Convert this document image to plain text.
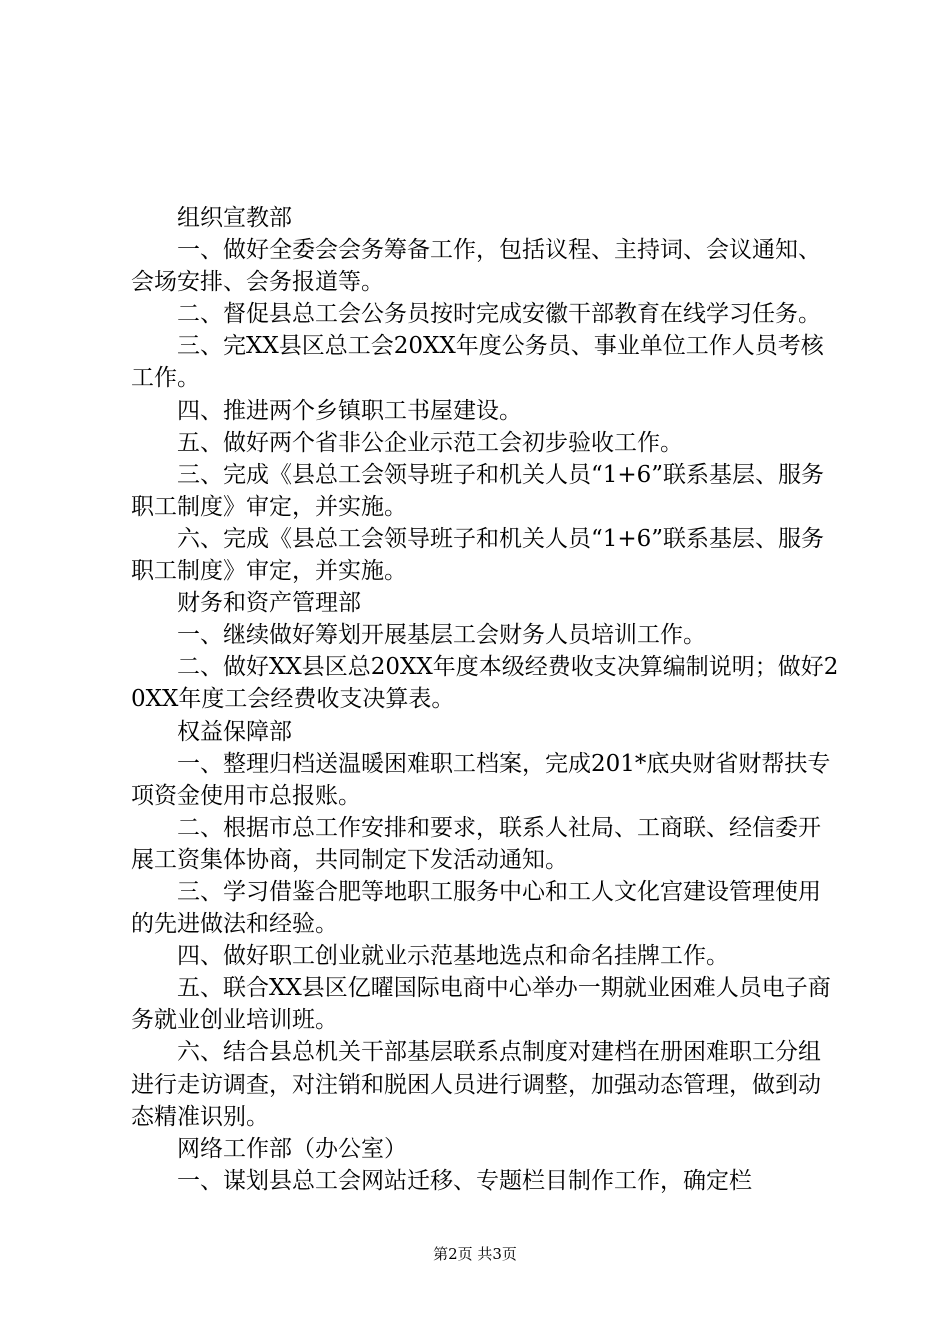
组织宣教部

一、做好全委会会务筹备工作，包括议程、主持词、会议通知、会场安排、会务报道等。

二、督促县总工会公务员按时完成安徽干部教育在线学习任务。

三、完XX县区总工会20XX年度公务员、事业单位工作人员考核工作。

四、推进两个乡镇职工书屋建设。

五、做好两个省非公企业示范工会初步验收工作。

三、完成《县总工会领导班子和机关人员“1+6”联系基层、服务职工制度》审定，并实施。

六、完成《县总工会领导班子和机关人员“1+6”联系基层、服务职工制度》审定，并实施。

财务和资产管理部

一、继续做好筹划开展基层工会财务人员培训工作。

二、做好XX县区总20XX年度本级经费收支决算编制说明；做好20XX年度工会经费收支决算表。

权益保障部

一、整理归档送温暖困难职工档案，完成201*底央财省财帮扶专项资金使用市总报账。

二、根据市总工作安排和要求，联系人社局、工商联、经信委开展工资集体协商，共同制定下发活动通知。

三、学习借鉴合肥等地职工服务中心和工人文化宫建设管理使用的先进做法和经验。

四、做好职工创业就业示范基地选点和命名挂牌工作。

五、联合XX县区亿曜国际电商中心举办一期就业困难人员电子商务就业创业培训班。

六、结合县总机关干部基层联系点制度对建档在册困难职工分组进行走访调查，对注销和脱困人员进行调整，加强动态管理，做到动态精准识别。

网络工作部（办公室）

一、谋划县总工会网站迁移、专题栏目制作工作，确定栏

第2页 共3页
